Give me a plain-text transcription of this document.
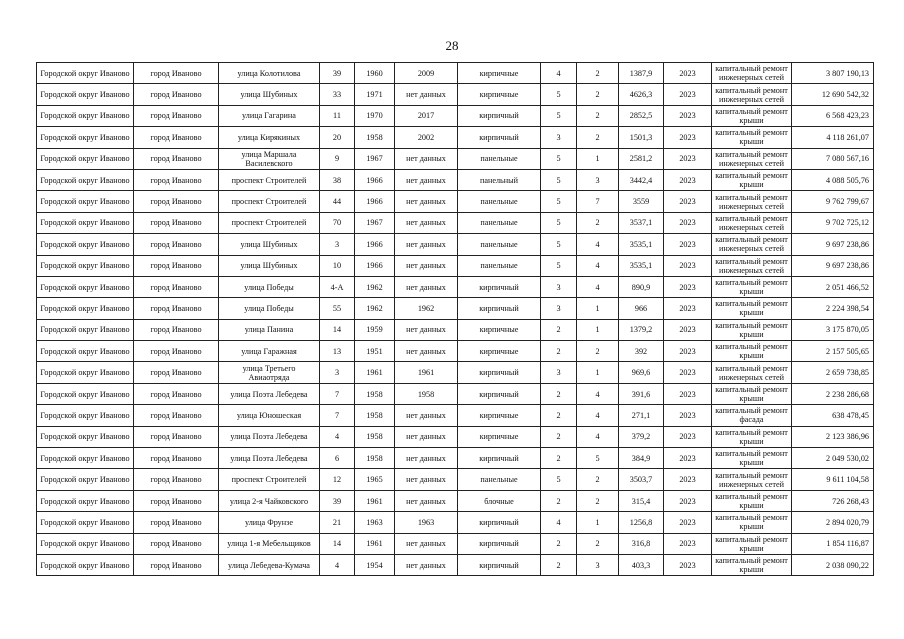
28
Городской округ Иваново	город Иваново	улица Колотилова	39	1960	2009	кирпичные	4	2	1387,9	2023	капитальный ремонт инженерных сетей	3 807 190,13
Городской округ Иваново	город Иваново	улица Шубиных	33	1971	нет данных	кирпичные	5	2	4626,3	2023	капитальный ремонт инженерных сетей	12 690 542,32
Городской округ Иваново	город Иваново	улица Гагарина	11	1970	2017	кирпичный	5	2	2852,5	2023	капитальный ремонт крыши	6 568 423,23
Городской округ Иваново	город Иваново	улица Кирякиных	20	1958	2002	кирпичный	3	2	1501,3	2023	капитальный ремонт крыши	4 118 261,07
Городской округ Иваново	город Иваново	улица Маршала Василевского	9	1967	нет данных	панельные	5	1	2581,2	2023	капитальный ремонт инженерных сетей	7 080 567,16
Городской округ Иваново	город Иваново	проспект Строителей	38	1966	нет данных	панельный	5	3	3442,4	2023	капитальный ремонт крыши	4 088 505,76
Городской округ Иваново	город Иваново	проспект Строителей	44	1966	нет данных	панельные	5	7	3559	2023	капитальный ремонт инженерных сетей	9 762 799,67
Городской округ Иваново	город Иваново	проспект Строителей	70	1967	нет данных	панельные	5	2	3537,1	2023	капитальный ремонт инженерных сетей	9 702 725,12
Городской округ Иваново	город Иваново	улица Шубиных	3	1966	нет данных	панельные	5	4	3535,1	2023	капитальный ремонт инженерных сетей	9 697 238,86
Городской округ Иваново	город Иваново	улица Шубиных	10	1966	нет данных	панельные	5	4	3535,1	2023	капитальный ремонт инженерных сетей	9 697 238,86
Городской округ Иваново	город Иваново	улица Победы	4-А	1962	нет данных	кирпичный	3	4	890,9	2023	капитальный ремонт крыши	2 051 466,52
Городской округ Иваново	город Иваново	улица Победы	55	1962	1962	кирпичный	3	1	966	2023	капитальный ремонт крыши	2 224 398,54
Городской округ Иваново	город Иваново	улица Панина	14	1959	нет данных	кирпичные	2	1	1379,2	2023	капитальный ремонт крыши	3 175 870,05
Городской округ Иваново	город Иваново	улица Гаражная	13	1951	нет данных	кирпичные	2	2	392	2023	капитальный ремонт крыши	2 157 505,65
Городской округ Иваново	город Иваново	улица Третьего Авиаотряда	3	1961	1961	кирпичный	3	1	969,6	2023	капитальный ремонт инженерных сетей	2 659 738,85
Городской округ Иваново	город Иваново	улица Поэта Лебедева	7	1958	1958	кирпичный	2	4	391,6	2023	капитальный ремонт крыши	2 238 286,68
Городской округ Иваново	город Иваново	улица Юношеская	7	1958	нет данных	кирпичные	2	4	271,1	2023	капитальный ремонт фасада	638 478,45
Городской округ Иваново	город Иваново	улица Поэта Лебедева	4	1958	нет данных	кирпичные	2	4	379,2	2023	капитальный ремонт крыши	2 123 386,96
Городской округ Иваново	город Иваново	улица Поэта Лебедева	6	1958	нет данных	кирпичный	2	5	384,9	2023	капитальный ремонт крыши	2 049 530,02
Городской округ Иваново	город Иваново	проспект Строителей	12	1965	нет данных	панельные	5	2	3503,7	2023	капитальный ремонт инженерных сетей	9 611 104,58
Городской округ Иваново	город Иваново	улица 2-я Чайковского	39	1961	нет данных	блочные	2	2	315,4	2023	капитальный ремонт крыши	726 268,43
Городской округ Иваново	город Иваново	улица Фрунзе	21	1963	1963	кирпичный	4	1	1256,8	2023	капитальный ремонт крыши	2 894 020,79
Городской округ Иваново	город Иваново	улица 1-я Мебельщиков	14	1961	нет данных	кирпичный	2	2	316,8	2023	капитальный ремонт крыши	1 854 116,87
Городской округ Иваново	город Иваново	улица Лебедева-Кумача	4	1954	нет данных	кирпичный	2	3	403,3	2023	капитальный ремонт крыши	2 038 090,22
